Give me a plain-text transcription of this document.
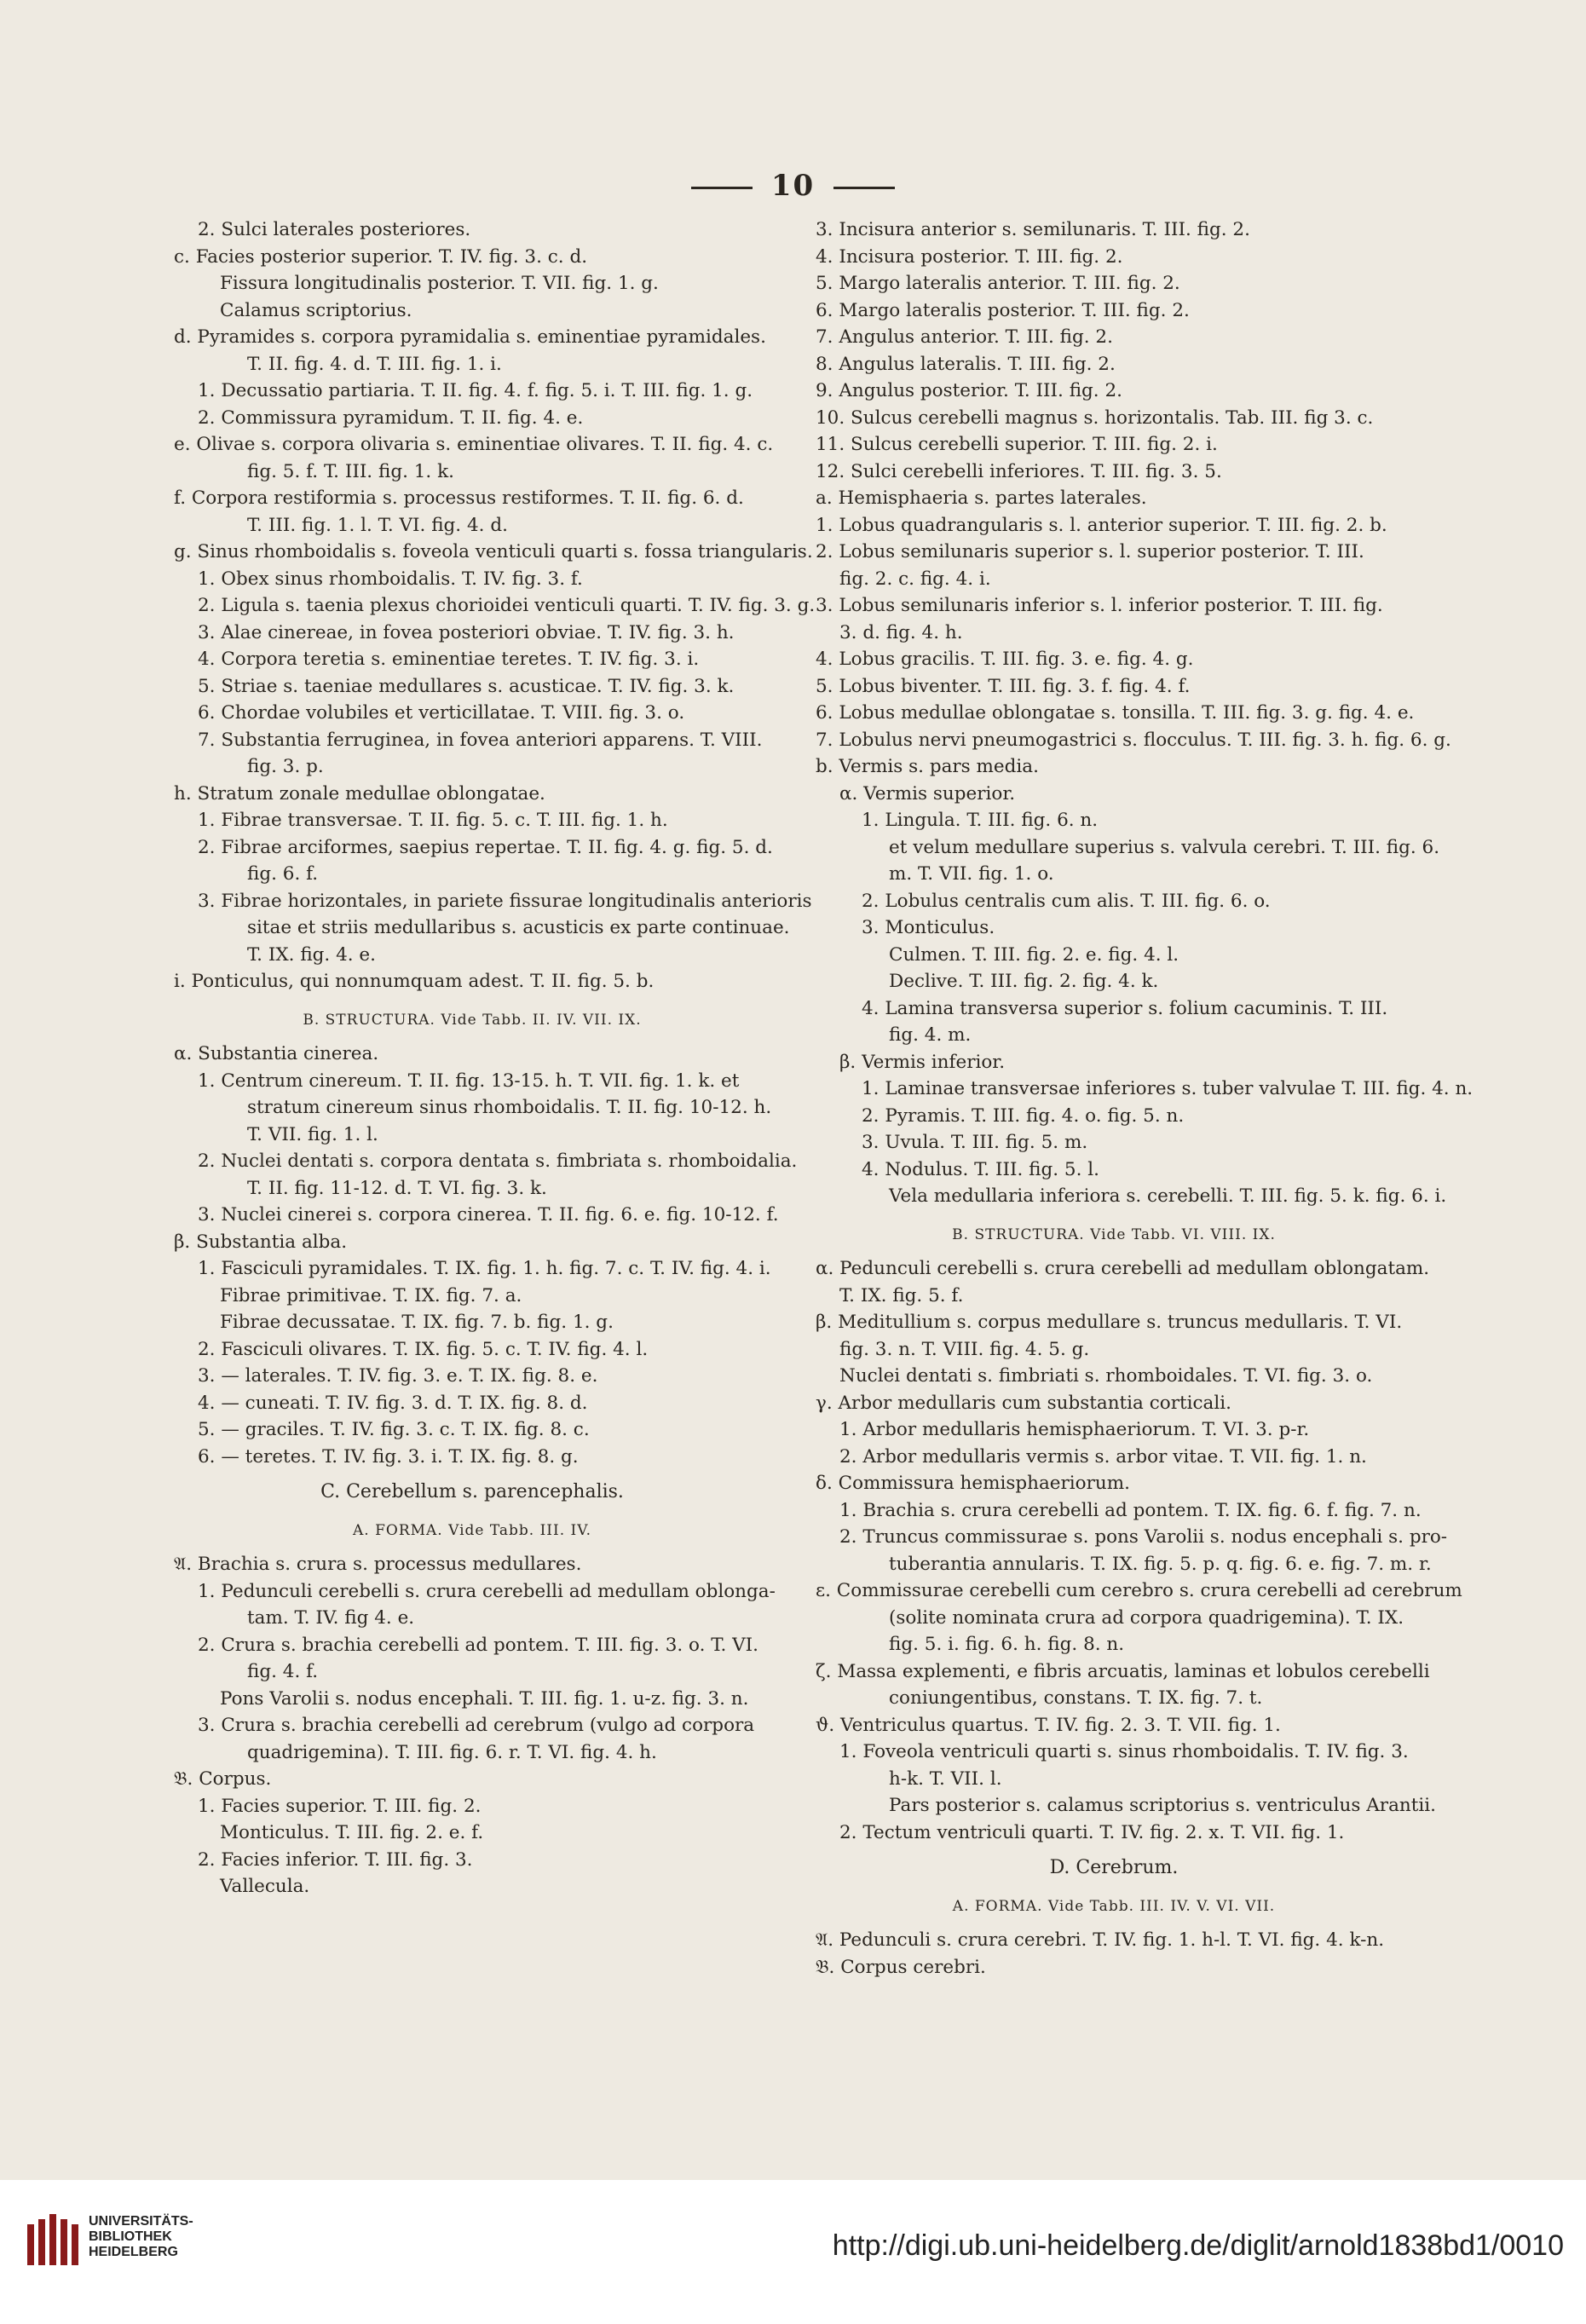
10
2. Sulci laterales posteriores.
c. Facies posterior superior. T. IV. fig. 3. c. d.
Fissura longitudinalis posterior. T. VII. fig. 1. g.
Calamus scriptorius.
d. Pyramides s. corpora pyramidalia s. eminentiae pyramidales.
T. II. fig. 4. d. T. III. fig. 1. i.
1. Decussatio partiaria. T. II. fig. 4. f. fig. 5. i. T. III. fig. 1. g.
2. Commissura pyramidum. T. II. fig. 4. e.
e. Olivae s. corpora olivaria s. eminentiae olivares. T. II. fig. 4. c.
fig. 5. f. T. III. fig. 1. k.
f. Corpora restiformia s. processus restiformes. T. II. fig. 6. d.
T. III. fig. 1. l. T. VI. fig. 4. d.
g. Sinus rhomboidalis s. foveola venticuli quarti s. fossa triangularis.
1. Obex sinus rhomboidalis. T. IV. fig. 3. f.
2. Ligula s. taenia plexus chorioidei venticuli quarti. T. IV. fig. 3. g.
3. Alae cinereae, in fovea posteriori obviae. T. IV. fig. 3. h.
4. Corpora teretia s. eminentiae teretes. T. IV. fig. 3. i.
5. Striae s. taeniae medullares s. acusticae. T. IV. fig. 3. k.
6. Chordae volubiles et verticillatae. T. VIII. fig. 3. o.
7. Substantia ferruginea, in fovea anteriori apparens. T. VIII.
fig. 3. p.
h. Stratum zonale medullae oblongatae.
1. Fibrae transversae. T. II. fig. 5. c. T. III. fig. 1. h.
2. Fibrae arciformes, saepius repertae. T. II. fig. 4. g. fig. 5. d.
fig. 6. f.
3. Fibrae horizontales, in pariete fissurae longitudinalis anterioris
sitae et striis medullaribus s. acusticis ex parte continuae.
T. IX. fig. 4. e.
i. Ponticulus, qui nonnumquam adest. T. II. fig. 5. b.
B. STRUCTURA. Vide Tabb. II. IV. VII. IX.
α. Substantia cinerea.
1. Centrum cinereum. T. II. fig. 13-15. h. T. VII. fig. 1. k. et
stratum cinereum sinus rhomboidalis. T. II. fig. 10-12. h.
T. VII. fig. 1. l.
2. Nuclei dentati s. corpora dentata s. fimbriata s. rhomboidalia.
T. II. fig. 11-12. d. T. VI. fig. 3. k.
3. Nuclei cinerei s. corpora cinerea. T. II. fig. 6. e. fig. 10-12. f.
β. Substantia alba.
1. Fasciculi pyramidales. T. IX. fig. 1. h. fig. 7. c. T. IV. fig. 4. i.
Fibrae primitivae. T. IX. fig. 7. a.
Fibrae decussatae. T. IX. fig. 7. b. fig. 1. g.
2. Fasciculi olivares. T. IX. fig. 5. c. T. IV. fig. 4. l.
3. — laterales. T. IV. fig. 3. e. T. IX. fig. 8. e.
4. — cuneati. T. IV. fig. 3. d. T. IX. fig. 8. d.
5. — graciles. T. IV. fig. 3. c. T. IX. fig. 8. c.
6. — teretes. T. IV. fig. 3. i. T. IX. fig. 8. g.
C. Cerebellum s. parencephalis.
A. FORMA. Vide Tabb. III. IV.
𝔄. Brachia s. crura s. processus medullares.
1. Pedunculi cerebelli s. crura cerebelli ad medullam oblonga-
tam. T. IV. fig 4. e.
2. Crura s. brachia cerebelli ad pontem. T. III. fig. 3. o. T. VI.
fig. 4. f.
Pons Varolii s. nodus encephali. T. III. fig. 1. u-z. fig. 3. n.
3. Crura s. brachia cerebelli ad cerebrum (vulgo ad corpora
quadrigemina). T. III. fig. 6. r. T. VI. fig. 4. h.
𝔅. Corpus.
1. Facies superior. T. III. fig. 2.
Monticulus. T. III. fig. 2. e. f.
2. Facies inferior. T. III. fig. 3.
Vallecula.
3. Incisura anterior s. semilunaris. T. III. fig. 2.
4. Incisura posterior. T. III. fig. 2.
5. Margo lateralis anterior. T. III. fig. 2.
6. Margo lateralis posterior. T. III. fig. 2.
7. Angulus anterior. T. III. fig. 2.
8. Angulus lateralis. T. III. fig. 2.
9. Angulus posterior. T. III. fig. 2.
10. Sulcus cerebelli magnus s. horizontalis. Tab. III. fig 3. c.
11. Sulcus cerebelli superior. T. III. fig. 2. i.
12. Sulci cerebelli inferiores. T. III. fig. 3. 5.
a. Hemisphaeria s. partes laterales.
1. Lobus quadrangularis s. l. anterior superior. T. III. fig. 2. b.
2. Lobus semilunaris superior s. l. superior posterior. T. III.
fig. 2. c. fig. 4. i.
3. Lobus semilunaris inferior s. l. inferior posterior. T. III. fig.
3. d. fig. 4. h.
4. Lobus gracilis. T. III. fig. 3. e. fig. 4. g.
5. Lobus biventer. T. III. fig. 3. f. fig. 4. f.
6. Lobus medullae oblongatae s. tonsilla. T. III. fig. 3. g. fig. 4. e.
7. Lobulus nervi pneumogastrici s. flocculus. T. III. fig. 3. h. fig. 6. g.
b. Vermis s. pars media.
α. Vermis superior.
1. Lingula. T. III. fig. 6. n.
et velum medullare superius s. valvula cerebri. T. III. fig. 6.
m. T. VII. fig. 1. o.
2. Lobulus centralis cum alis. T. III. fig. 6. o.
3. Monticulus.
Culmen. T. III. fig. 2. e. fig. 4. l.
Declive. T. III. fig. 2. fig. 4. k.
4. Lamina transversa superior s. folium cacuminis. T. III.
fig. 4. m.
β. Vermis inferior.
1. Laminae transversae inferiores s. tuber valvulae T. III. fig. 4. n.
2. Pyramis. T. III. fig. 4. o. fig. 5. n.
3. Uvula. T. III. fig. 5. m.
4. Nodulus. T. III. fig. 5. l.
Vela medullaria inferiora s. cerebelli. T. III. fig. 5. k. fig. 6. i.
B. STRUCTURA. Vide Tabb. VI. VIII. IX.
α. Pedunculi cerebelli s. crura cerebelli ad medullam oblongatam.
T. IX. fig. 5. f.
β. Meditullium s. corpus medullare s. truncus medullaris. T. VI.
fig. 3. n. T. VIII. fig. 4. 5. g.
Nuclei dentati s. fimbriati s. rhomboidales. T. VI. fig. 3. o.
γ. Arbor medullaris cum substantia corticali.
1. Arbor medullaris hemisphaeriorum. T. VI. 3. p-r.
2. Arbor medullaris vermis s. arbor vitae. T. VII. fig. 1. n.
δ. Commissura hemisphaeriorum.
1. Brachia s. crura cerebelli ad pontem. T. IX. fig. 6. f. fig. 7. n.
2. Truncus commissurae s. pons Varolii s. nodus encephali s. pro-
tuberantia annularis. T. IX. fig. 5. p. q. fig. 6. e. fig. 7. m. r.
ε. Commissurae cerebelli cum cerebro s. crura cerebelli ad cerebrum
(solite nominata crura ad corpora quadrigemina). T. IX.
fig. 5. i. fig. 6. h. fig. 8. n.
ζ. Massa explementi, e fibris arcuatis, laminas et lobulos cerebelli
coniungentibus, constans. T. IX. fig. 7. t.
ϑ. Ventriculus quartus. T. IV. fig. 2. 3. T. VII. fig. 1.
1. Foveola ventriculi quarti s. sinus rhomboidalis. T. IV. fig. 3.
h-k. T. VII. l.
Pars posterior s. calamus scriptorius s. ventriculus Arantii.
2. Tectum ventriculi quarti. T. IV. fig. 2. x. T. VII. fig. 1.
D. Cerebrum.
A. FORMA. Vide Tabb. III. IV. V. VI. VII.
𝔄. Pedunculi s. crura cerebri. T. IV. fig. 1. h-l. T. VI. fig. 4. k-n.
𝔅. Corpus cerebri.
UNIVERSITÄTS-
BIBLIOTHEK
HEIDELBERG	http://digi.ub.uni-heidelberg.de/diglit/arnold1838bd1/0010
